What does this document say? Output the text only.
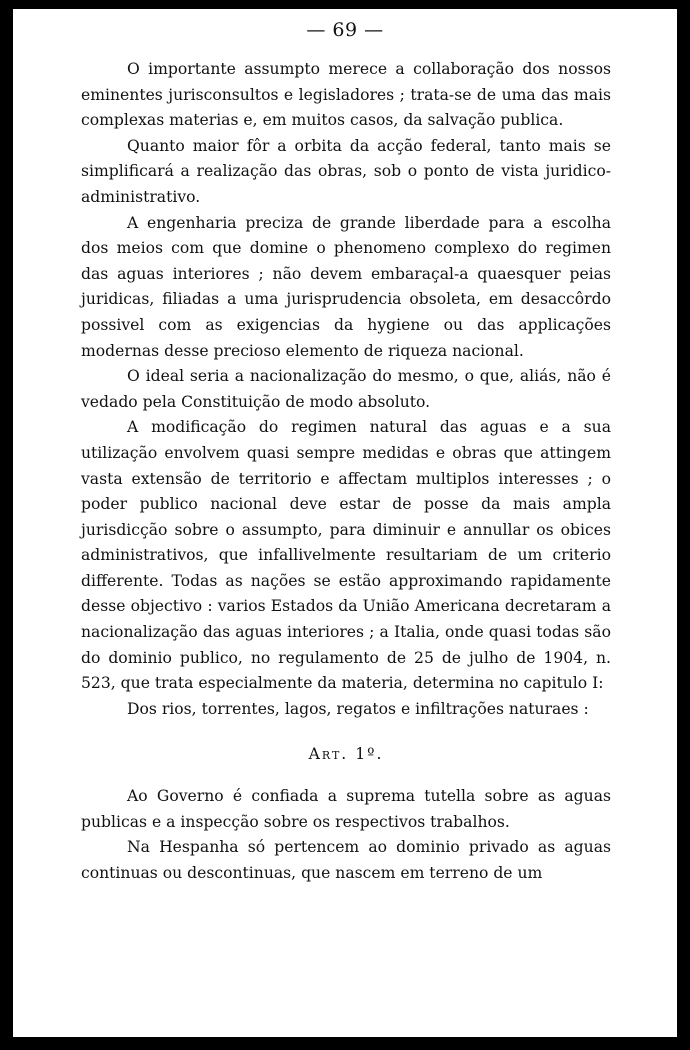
— 69 —

O importante assumpto merece a collaboração dos nossos eminentes jurisconsultos e legisladores ; trata-se de uma das mais complexas materias e, em muitos casos, da salvação publica.

Quanto maior fôr a orbita da acção federal, tanto mais se simplificará a realização das obras, sob o ponto de vista juridico-administrativo.

A engenharia preciza de grande liberdade para a escolha dos meios com que domine o phenomeno complexo do regimen das aguas interiores ; não devem embaraçal-a quaesquer peias juridicas, filiadas a uma jurisprudencia obsoleta, em desaccôrdo possivel com as exigencias da hygiene ou das applicações modernas desse precioso elemento de riqueza nacional.

O ideal seria a nacionalização do mesmo, o que, aliás, não é vedado pela Constituição de modo absoluto.

A modificação do regimen natural das aguas e a sua utilização envolvem quasi sempre medidas e obras que attingem vasta extensão de territorio e affectam multiplos interesses ; o poder publico nacional deve estar de posse da mais ampla jurisdicção sobre o assumpto, para diminuir e annullar os obices administrativos, que infallivelmente resultariam de um criterio differente. Todas as nações se estão approximando rapidamente desse objectivo : varios Estados da União Americana decretaram a nacionalização das aguas interiores ; a Italia, onde quasi todas são do dominio publico, no regulamento de 25 de julho de 1904, n. 523, que trata especialmente da materia, determina no capitulo I:

Dos rios, torrentes, lagos, regatos e infiltrações naturaes :

Art. 1º.

Ao Governo é confiada a suprema tutella sobre as aguas publicas e a inspecção sobre os respectivos trabalhos.

Na Hespanha só pertencem ao dominio privado as aguas continuas ou descontinuas, que nascem em terreno de um
